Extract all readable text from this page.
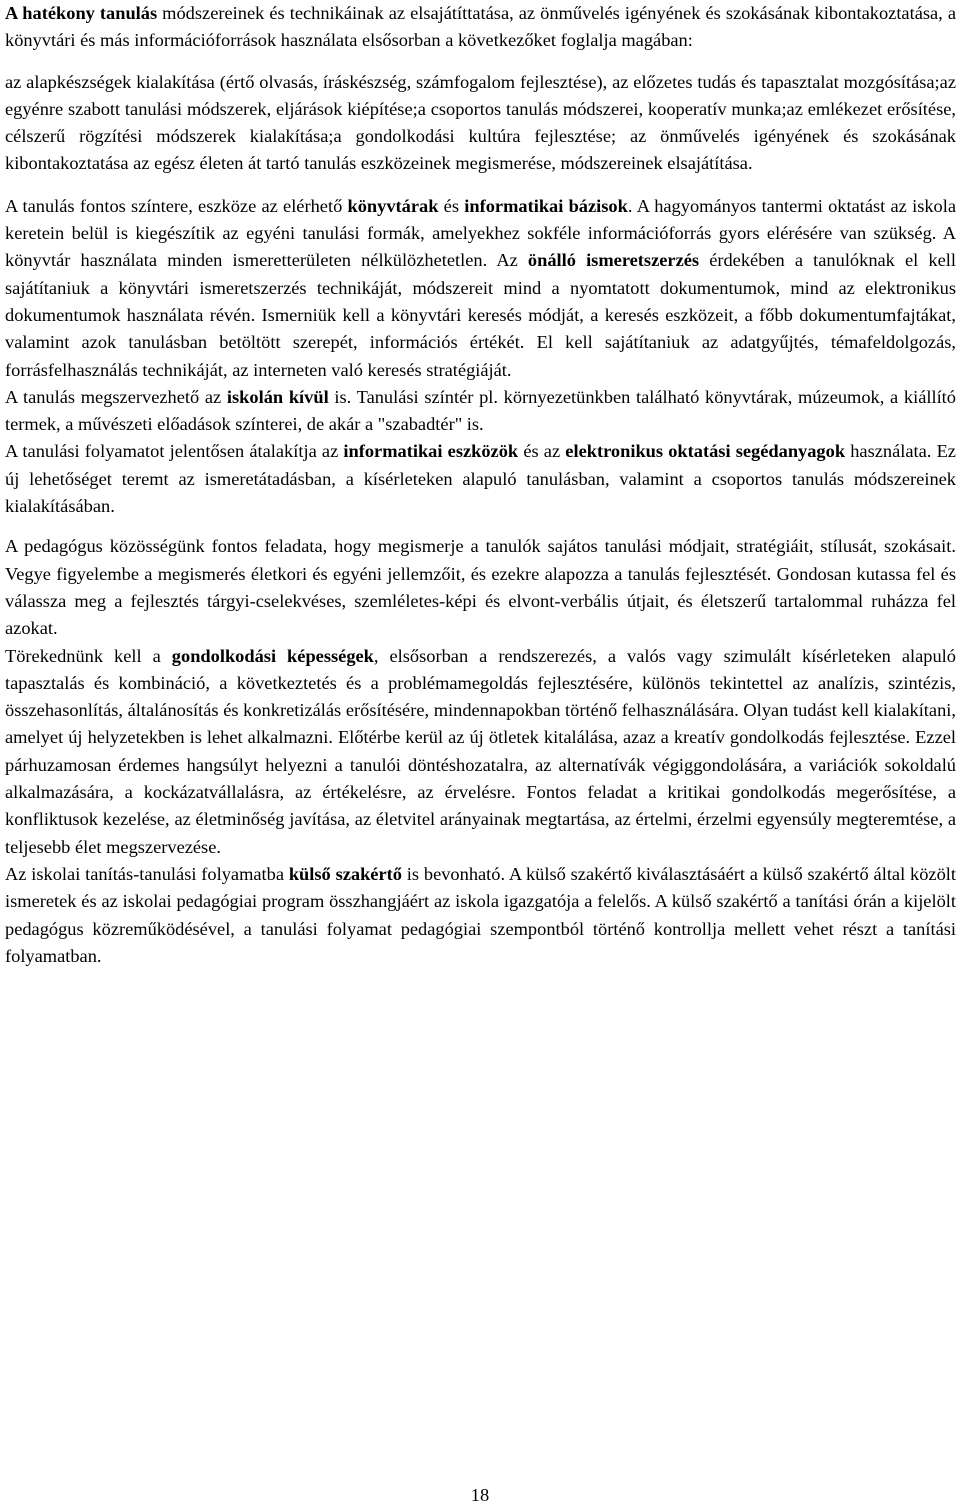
A hatékony tanulás módszereinek és technikáinak az elsajátíttatása, az önművelés igényének és szokásának kibontakoztatása, a könyvtári és más információforrások használata elsősorban a következőket foglalja magában:

az alapkészségek kialakítása (értő olvasás, íráskészség, számfogalom fejlesztése), az előzetes tudás és tapasztalat mozgósítása;az egyénre szabott tanulási módszerek, eljárások kiépítése;a csoportos tanulás módszerei, kooperatív munka;az emlékezet erősítése, célszerű rögzítési módszerek kialakítása;a gondolkodási kultúra fejlesztése; az önművelés igényének és szokásának kibontakoztatása az egész életen át tartó tanulás eszközeinek megismerése, módszereinek elsajátítása.

A tanulás fontos színtere, eszköze az elérhető könyvtárak és informatikai bázisok. A hagyományos tantermi oktatást az iskola keretein belül is kiegészítik az egyéni tanulási formák, amelyekhez sokféle információforrás gyors elérésére van szükség. A könyvtár használata minden ismeretterületen nélkülözhetetlen. Az önálló ismeretszerzés érdekében a tanulóknak el kell sajátítaniuk a könyvtári ismeretszerzés technikáját, módszereit mind a nyomtatott dokumentumok, mind az elektronikus dokumentumok használata révén. Ismerniük kell a könyvtári keresés módját, a keresés eszközeit, a főbb dokumentumfajtákat, valamint azok tanulásban betöltött szerepét, információs értékét. El kell sajátítaniuk az adatgyűjtés, témafeldolgozás, forrásfelhasználás technikáját, az interneten való keresés stratégiáját.

A tanulás megszervezhető az iskolán kívül is. Tanulási színtér pl. környezetünkben található könyvtárak, múzeumok, a kiállító termek, a művészeti előadások színterei, de akár a "szabadtér" is.

A tanulási folyamatot jelentősen átalakítja az informatikai eszközök és az elektronikus oktatási segédanyagok használata. Ez új lehetőséget teremt az ismeretátadásban, a kísérleteken alapuló tanulásban, valamint a csoportos tanulás módszereinek kialakításában.

A pedagógus közösségünk fontos feladata, hogy megismerje a tanulók sajátos tanulási módjait, stratégiáit, stílusát, szokásait. Vegye figyelembe a megismerés életkori és egyéni jellemzőit, és ezekre alapozza a tanulás fejlesztését. Gondosan kutassa fel és válassza meg a fejlesztés tárgyi-cselekvéses, szemléletes-képi és elvont-verbális útjait, és életszerű tartalommal ruházza fel azokat.

Törekednünk kell a gondolkodási képességek, elsősorban a rendszerezés, a valós vagy szimulált kísérleteken alapuló tapasztalás és kombináció, a következtetés és a problémamegoldás fejlesztésére, különös tekintettel az analízis, szintézis, összehasonlítás, általánosítás és konkretizálás erősítésére, mindennapokban történő felhasználására. Olyan tudást kell kialakítani, amelyet új helyzetekben is lehet alkalmazni. Előtérbe kerül az új ötletek kitalálása, azaz a kreatív gondolkodás fejlesztése. Ezzel párhuzamosan érdemes hangsúlyt helyezni a tanulói döntéshozatalra, az alternatívák végiggondolására, a variációk sokoldalú alkalmazására, a kockázatvállalásra, az értékelésre, az érvelésre. Fontos feladat a kritikai gondolkodás megerősítése, a konfliktusok kezelése, az életminőség javítása, az életvitel arányainak megtartása, az értelmi, érzelmi egyensúly megteremtése, a teljesebb élet megszervezése.

Az iskolai tanítás-tanulási folyamatba külső szakértő is bevonható. A külső szakértő kiválasztásáért a külső szakértő által közölt ismeretek és az iskolai pedagógiai program összhangjáért az iskola igazgatója a felelős. A külső szakértő a tanítási órán a kijelölt pedagógus közreműködésével, a tanulási folyamat pedagógiai szempontból történő kontrollja mellett vehet részt a tanítási folyamatban.

18
